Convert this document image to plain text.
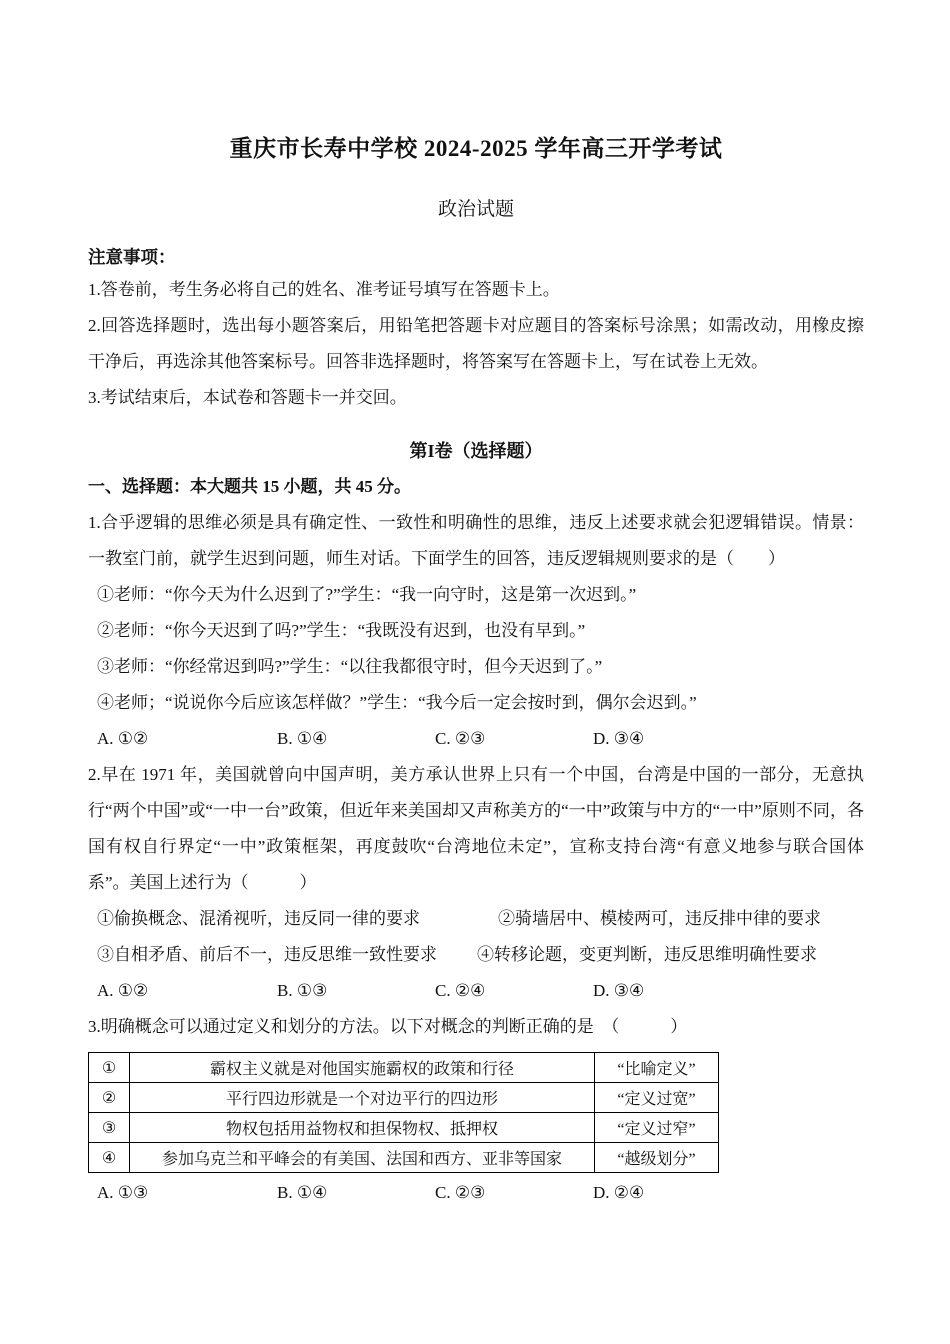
重庆市长寿中学校 2024-2025 学年高三开学考试
政治试题
注意事项：

1.答卷前，考生务必将自己的姓名、准考证号填写在答题卡上。

2.回答选择题时，选出每小题答案后，用铅笔把答题卡对应题目的答案标号涂黑；如需改动，用橡皮擦干净后，再选涂其他答案标号。回答非选择题时，将答案写在答题卡上，写在试卷上无效。

3.考试结束后，本试卷和答题卡一并交回。

第I卷（选择题）
一、选择题：本大题共 15 小题，共 45 分。

1.合乎逻辑的思维必须是具有确定性、一致性和明确性的思维，违反上述要求就会犯逻辑错误。情景：一教室门前，就学生迟到问题，师生对话。下面学生的回答，违反逻辑规则要求的是（　　）

①老师：“你今天为什么迟到了?”学生：“我一向守时，这是第一次迟到。”
②老师：“你今天迟到了吗?”学生：“我既没有迟到，也没有早到。”
③老师：“你经常迟到吗?”学生：“以往我都很守时，但今天迟到了。”
④老师；“说说你今后应该怎样做？”学生：“我今后一定会按时到，偶尔会迟到。”
A. ①②	B. ①④	C. ②③	D. ③④

2.早在 1971 年，美国就曾向中国声明，美方承认世界上只有一个中国，台湾是中国的一部分，无意执行“两个中国”或“一中一台”政策，但近年来美国却又声称美方的“一中”政策与中方的“一中”原则不同，各国有权自行界定“一中”政策框架，再度鼓吹“台湾地位未定”，宣称支持台湾“有意义地参与联合国体系”。美国上述行为（　　　）

①偷换概念、混淆视听，违反同一律的要求	②骑墙居中、模棱两可，违反排中律的要求
③自相矛盾、前后不一，违反思维一致性要求 ④转移论题，变更判断，违反思维明确性要求
A. ①②	B. ①③	C. ②④	D. ③④

3.明确概念可以通过定义和划分的方法。以下对概念的判断正确的是　（　　　）

①	霸权主义就是对他国实施霸权的政策和行径	“比喻定义”
②	平行四边形就是一个对边平行的四边形	“定义过宽”
③	物权包括用益物权和担保物权、抵押权	“定义过窄”
④	参加乌克兰和平峰会的有美国、法国和西方、亚非等国家	“越级划分”
A. ①③	B. ①④	C. ②③	D. ②④
